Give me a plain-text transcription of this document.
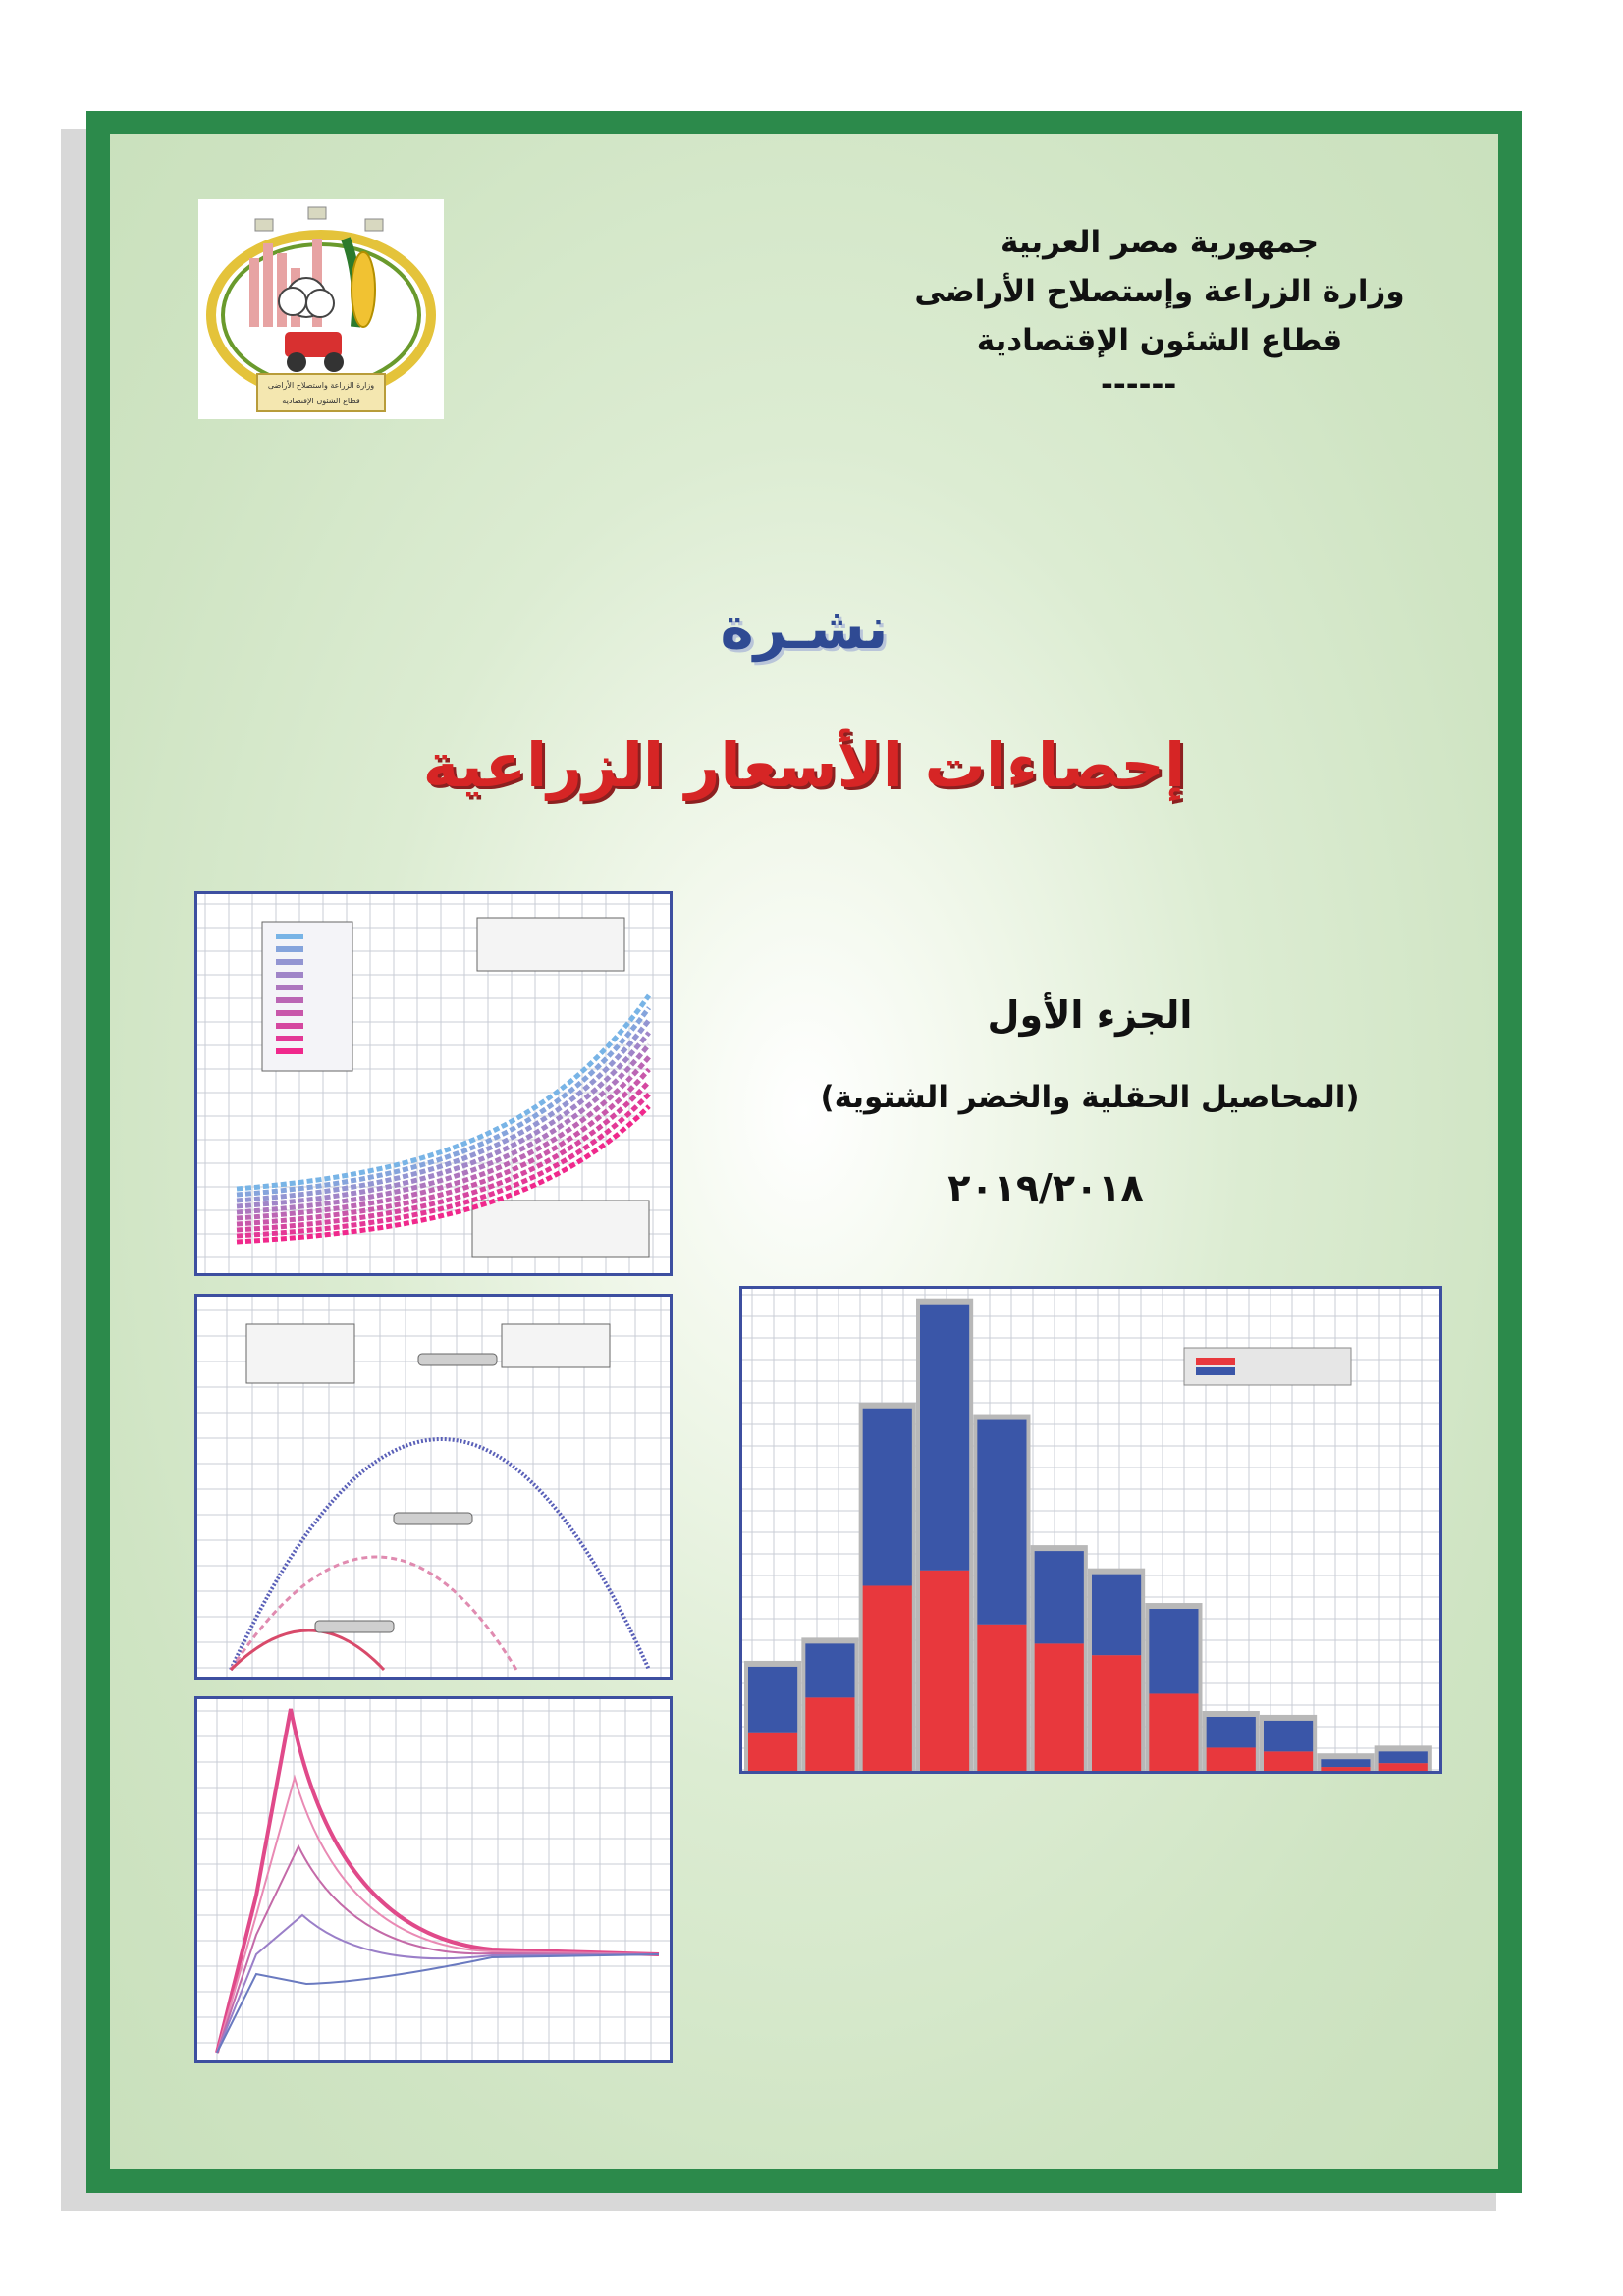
وزارة الزراعة واستصلاح الأراضى
قطاع الشئون الإقتصادية
جمهورية مصر العربية
وزارة الزراعة وإستصلاح الأراضى
قطاع الشئون الإقتصادية
------
نشـرة
إحصاءات الأسعار الزراعية
الجزء الأول
(المحاصيل الحقلية والخضر الشتوية)
٢٠١٩/٢٠١٨
